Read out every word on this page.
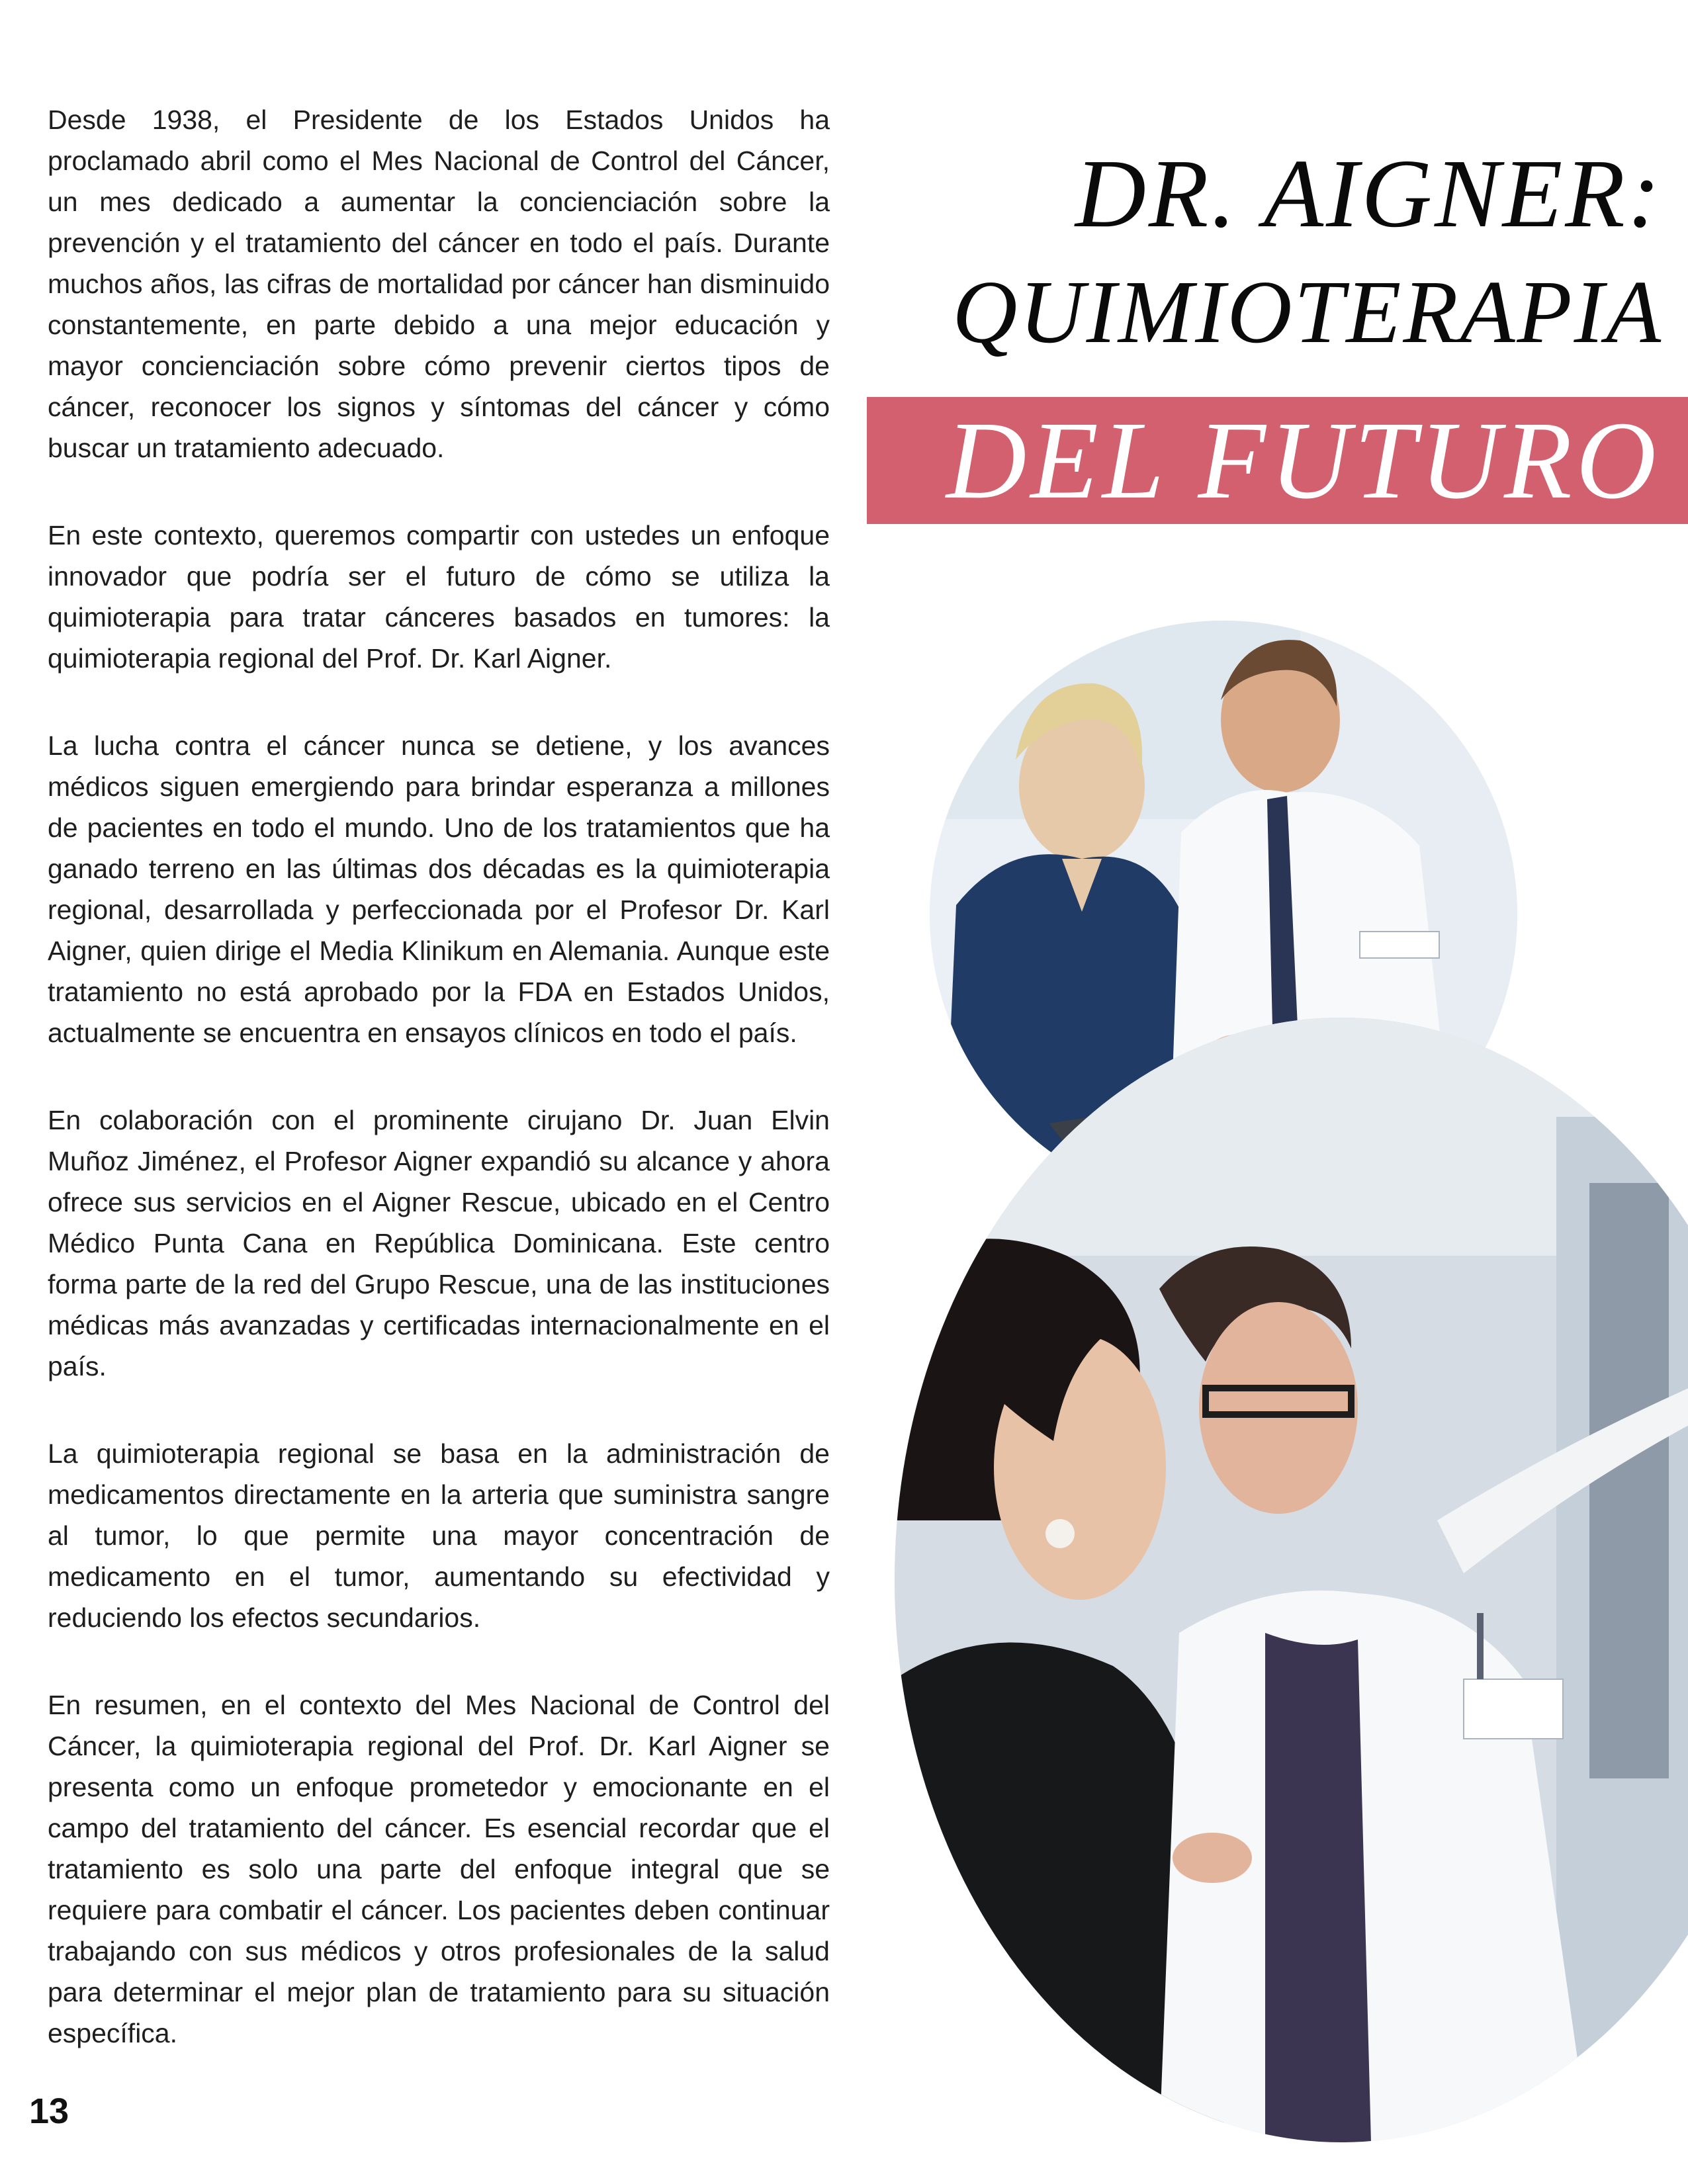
Desde 1938, el Presidente de los Estados Unidos ha proclamado abril como el Mes Nacional de Control del Cáncer, un mes dedicado a aumentar la concienciación sobre la prevención y el tratamiento del cáncer en todo el país. Durante muchos años, las cifras de mortalidad por cáncer han disminuido constantemente, en parte debido a una mejor educación y mayor concienciación sobre cómo prevenir ciertos tipos de cáncer, reconocer los signos y síntomas del cáncer y cómo buscar un tratamiento adecuado.

En este contexto, queremos compartir con ustedes un enfoque innovador que podría ser el futuro de cómo se utiliza la quimioterapia para tratar cánceres basados en tumores: la quimioterapia regional del Prof. Dr. Karl Aigner.

La lucha contra el cáncer nunca se detiene, y los avances médicos siguen emergiendo para brindar esperanza a millones de pacientes en todo el mundo. Uno de los tratamientos que ha ganado terreno en las últimas dos décadas es la quimioterapia regional, desarrollada y perfeccionada por el Profesor Dr. Karl Aigner, quien dirige el Media Klinikum en Alemania. Aunque este tratamiento no está aprobado por la FDA en Estados Unidos, actualmente se encuentra en ensayos clínicos en todo el país.

En colaboración con el prominente cirujano Dr. Juan Elvin Muñoz Jiménez, el Profesor Aigner expandió su alcance y ahora ofrece sus servicios en el Aigner Rescue, ubicado en el Centro Médico Punta Cana en República Dominicana. Este centro forma parte de la red del Grupo Rescue, una de las instituciones médicas más avanzadas y certificadas internacionalmente en el país.

La quimioterapia regional se basa en la administración de medicamentos directamente en la arteria que suministra sangre al tumor, lo que permite una mayor concentración de medicamento en el tumor, aumentando su efectividad y reduciendo los efectos secundarios.

En resumen, en el contexto del Mes Nacional de Control del Cáncer, la quimioterapia regional del Prof. Dr. Karl Aigner se presenta como un enfoque prometedor y emocionante en el campo del tratamiento del cáncer. Es esencial recordar que el tratamiento es solo una parte del enfoque integral que se requiere para combatir el cáncer. Los pacientes deben continuar trabajando con sus médicos y otros profesionales de la salud para determinar el mejor plan de tratamiento para su situación específica.

DR. AIGNER:
QUIMIOTERAPIA
DEL FUTURO
13
